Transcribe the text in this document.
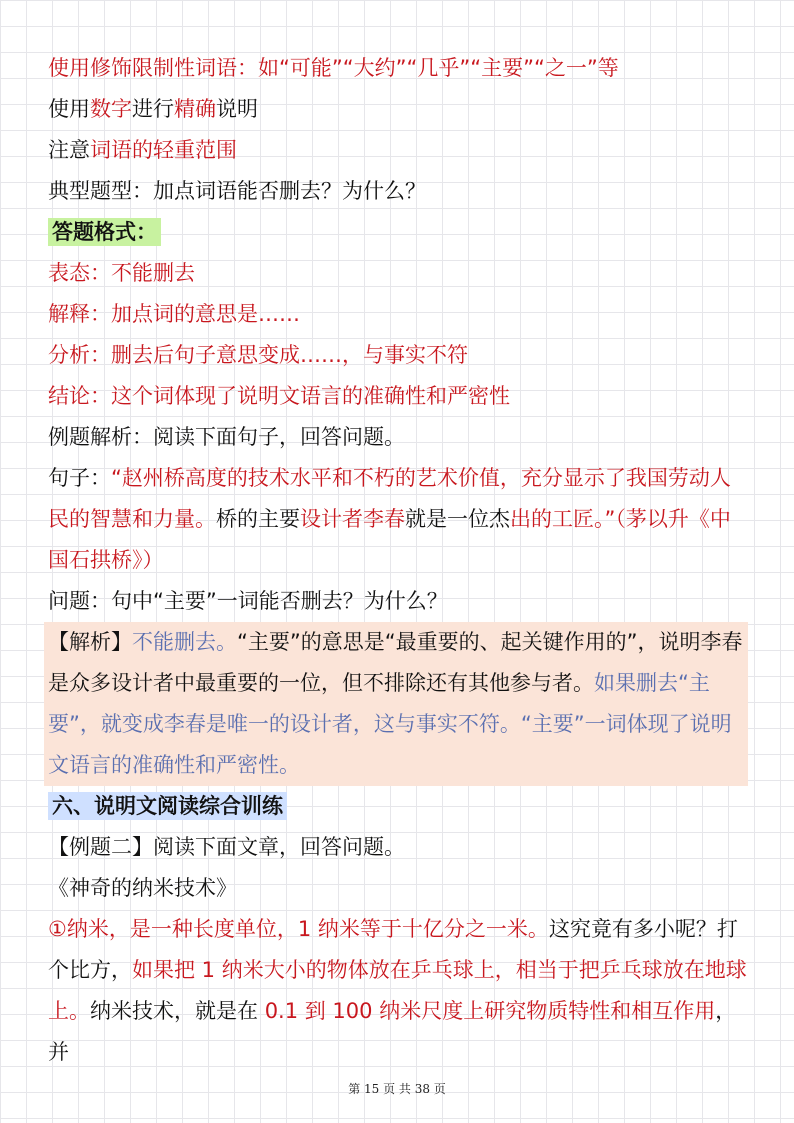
使用修饰限制性词语：如“可能”“大约”“几乎”“主要”“之一”等
使用数字进行精确说明
注意词语的轻重范围
典型题型：加点词语能否删去？为什么？
答题格式：
表态：不能删去
解释：加点词的意思是……
分析：删去后句子意思变成……，与事实不符
结论：这个词体现了说明文语言的准确性和严密性
例题解析：阅读下面句子，回答问题。
句子：“赵州桥高度的技术水平和不朽的艺术价值，充分显示了我国劳动人民的智慧和力量。桥的主要设计者李春就是一位杰出的工匠。”（茅以升《中国石拱桥》）
问题：句中“主要”一词能否删去？为什么？
【解析】不能删去。“主要”的意思是“最重要的、起关键作用的”，说明李春是众多设计者中最重要的一位，但不排除还有其他参与者。如果删去“主要”，就变成李春是唯一的设计者，这与事实不符。“主要”一词体现了说明文语言的准确性和严密性。
六、说明文阅读综合训练
【例题二】阅读下面文章，回答问题。
《神奇的纳米技术》
①纳米，是一种长度单位，1 纳米等于十亿分之一米。这究竟有多小呢？打个比方，如果把 1 纳米大小的物体放在乒乓球上，相当于把乒乓球放在地球上。纳米技术，就是在 0.1 到 100 纳米尺度上研究物质特性和相互作用，并
第 15 页 共 38 页
